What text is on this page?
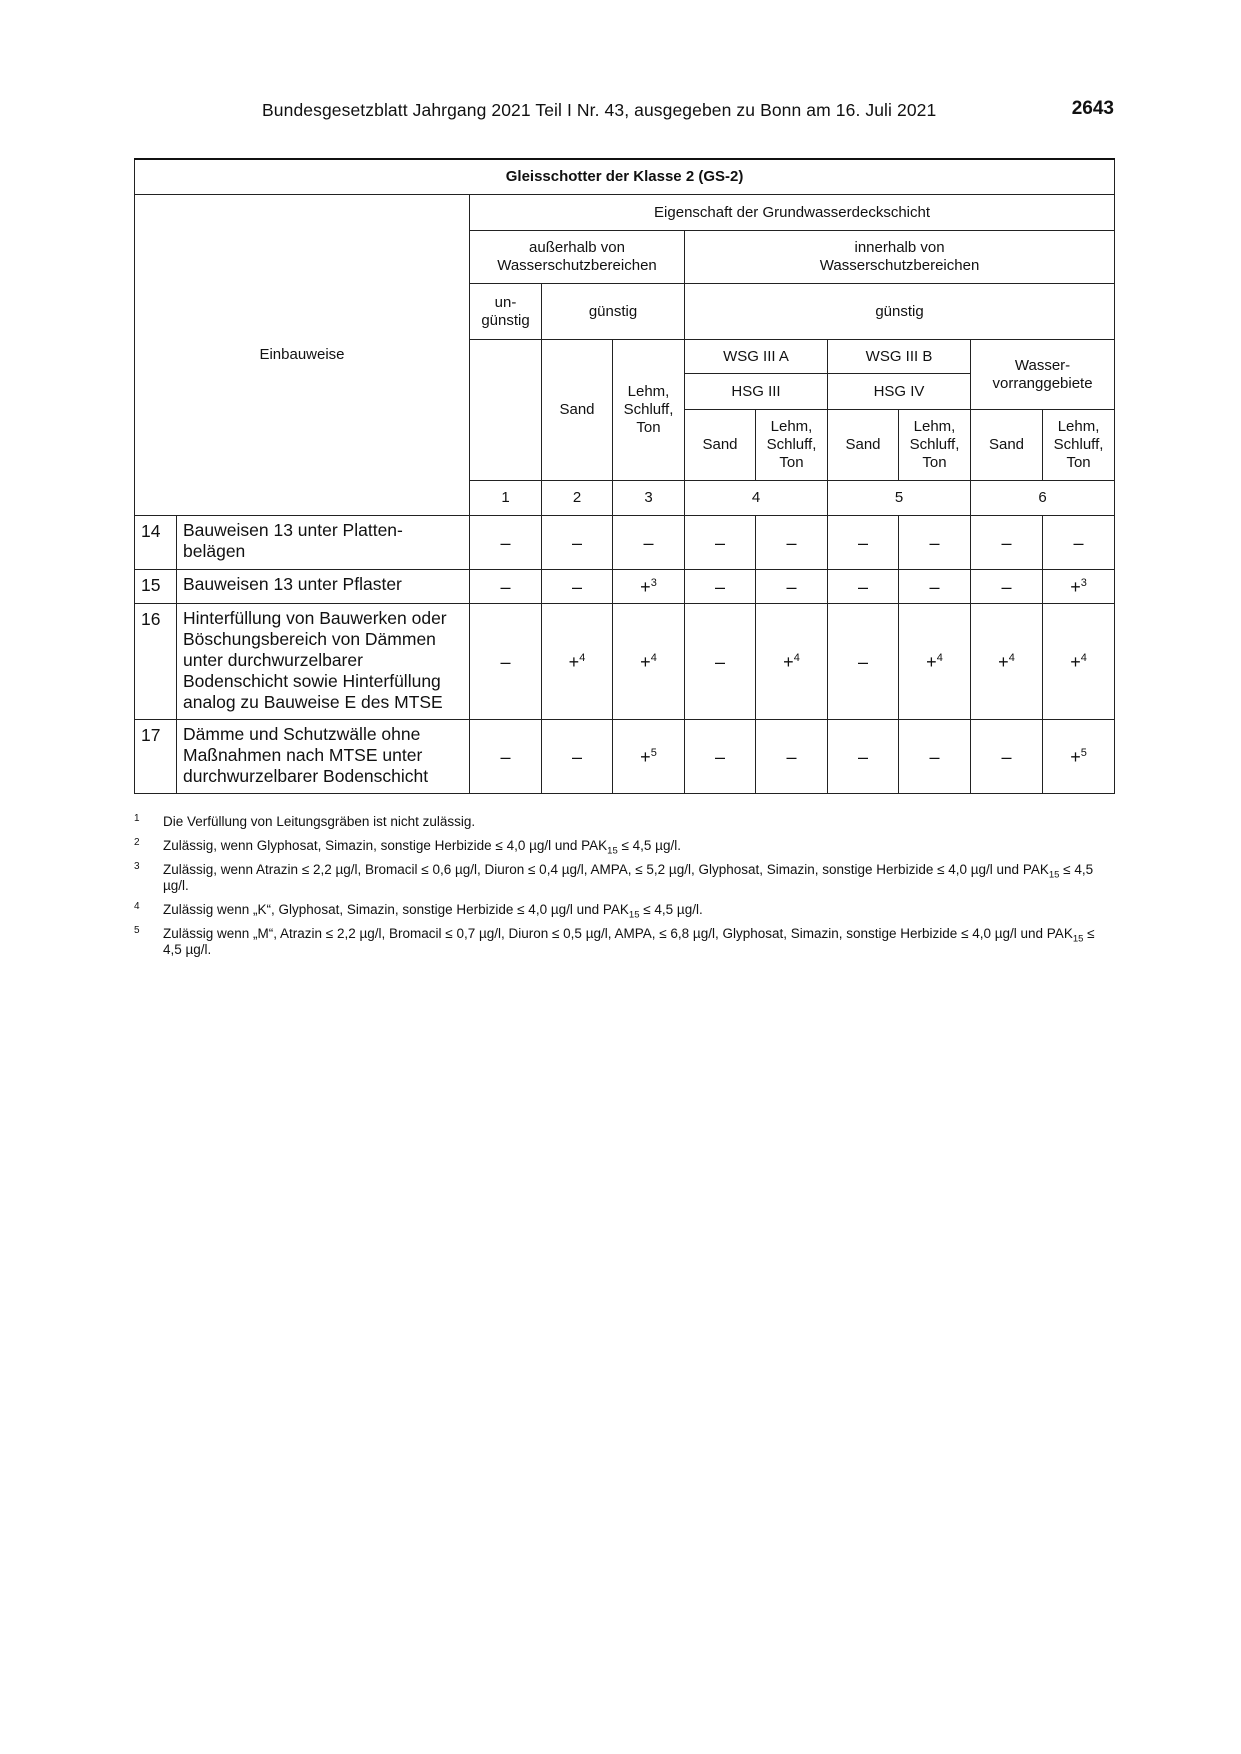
Bundesgesetzblatt Jahrgang 2021 Teil I Nr. 43, ausgegeben zu Bonn am 16. Juli 2021	2643
Gleisschotter der Klasse 2 (GS-2)										
Einbauweise		Eigenschaft der Grundwasserdeckschicht								
		außerhalb von Wasserschutzbereichen			innerhalb von Wasserschutzbereichen					
		un- günstig	günstig		günstig					
			Sand	Lehm, Schluff, Ton	WSG III A		WSG III B		Wasser- vorranggebiete	
					HSG III		HSG IV			
					Sand	Lehm, Schluff, Ton	Sand	Lehm, Schluff, Ton	Sand	Lehm, Schluff, Ton
		1	2	3	4		5		6	
14	Bauweisen 13 unter Platten- belägen	–	–	–	–	–	–	–	–	–
15	Bauweisen 13 unter Pflaster	–	–	+$^3$	–	–	–	–	–	+$^3$
16	Hinterfüllung von Bauwerken oder Böschungsbereich von Dämmen unter durchwurzelbarer Bodenschicht sowie Hinterfüllung analog zu Bauweise E des MTSE	–	+$^4$	+$^4$	–	+$^4$	–	+$^4$	+$^4$	+$^4$
17	Dämme und Schutzwälle ohne Maßnahmen nach MTSE unter durchwurzelbarer Bodenschicht	–	–	+$^5$	–	–	–	–	–	+$^5$
1 Die Verfüllung von Leitungsgräben ist nicht zulässig.
2 Zulässig, wenn Glyphosat, Simazin, sonstige Herbizide ≤ 4,0 µg/l und $PAK_{15} \le 4,5$ µg/l.
3 Zulässig, wenn Atrazin ≤ 2,2 µg/l, Bromacil ≤ 0,6 µg/l, Diuron ≤ 0,4 µg/l, AMPA, ≤ 5,2 µg/l, Glyphosat, Simazin, sonstige Herbizide ≤ 4,0 µg/l und $PAK_{15} \le 4,5$ µg/l.
4 Zulässig wenn „K“, Glyphosat, Simazin, sonstige Herbizide ≤ 4,0 µg/l und $PAK_{15} \le 4,5$ µg/l.
5 Zulässig wenn „M“, Atrazin ≤ 2,2 µg/l, Bromacil ≤ 0,7 µg/l, Diuron ≤ 0,5 µg/l, AMPA, ≤ 6,8 µg/l, Glyphosat, Simazin, sonstige Herbizide ≤ 4,0 µg/l und $PAK_{15} \le 4,5$ µg/l.
